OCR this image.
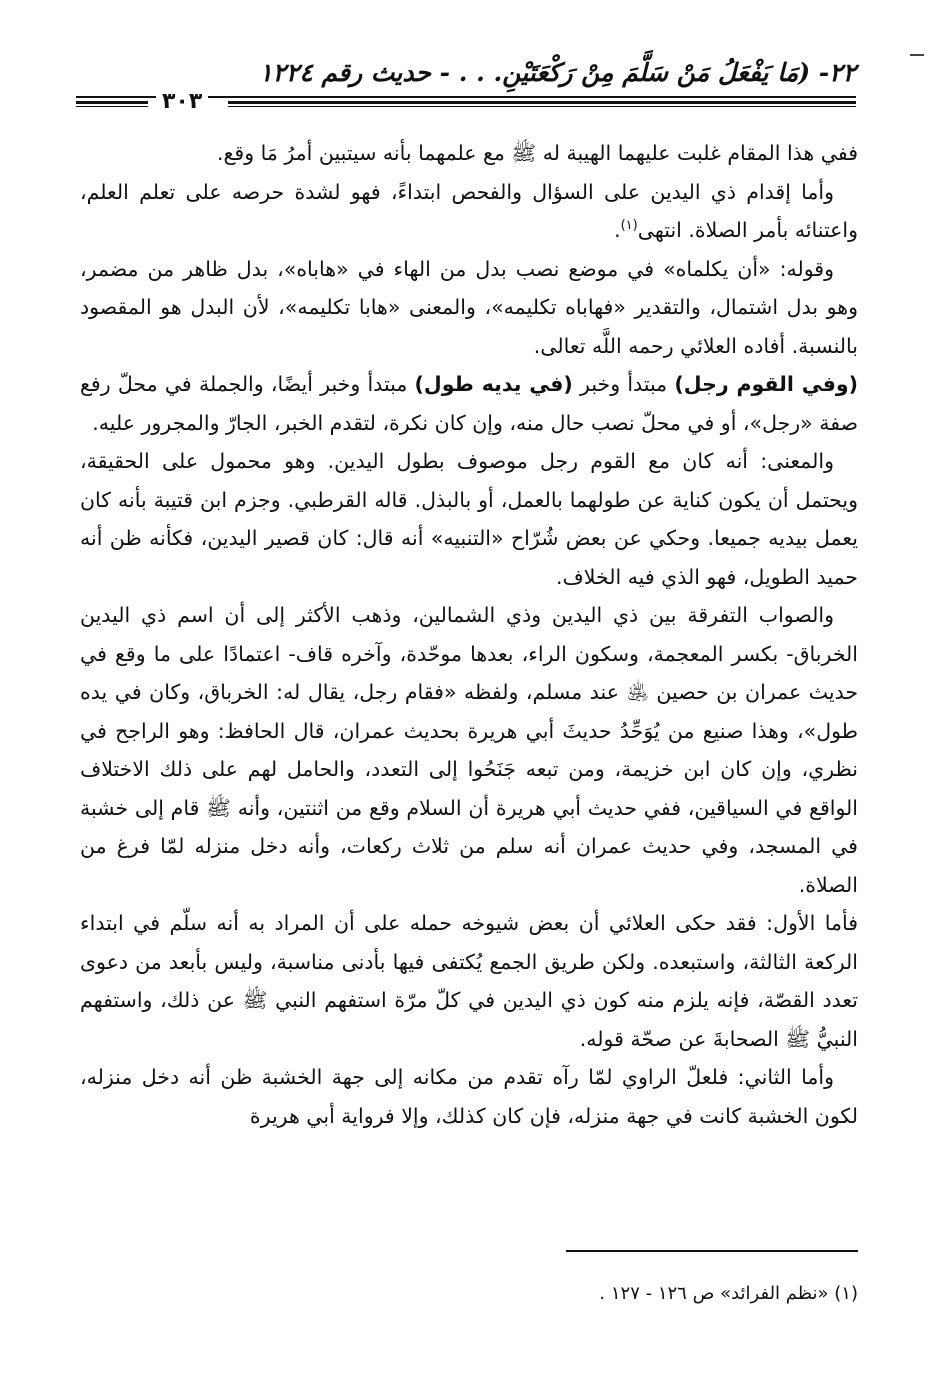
٢٢- (مَا يَفْعَلُ مَنْ سَلَّمَ مِنْ رَكْعَتَيْنِ. . . - حديث رقم ١٢٢٤
٣٠٣

ففي هذا المقام غلبت عليهما الهيبة له ﷺ مع علمهما بأنه سيتبين أمرُ مَا وقع.

وأما إقدام ذي اليدين على السؤال والفحص ابتداءً، فهو لشدة حرصه على تعلم العلم، واعتنائه بأمر الصلاة. انتهى$^{(١)}$.

وقوله: «أن يكلماه» في موضع نصب بدل من الهاء في «هاباه»، بدل ظاهر من مضمر، وهو بدل اشتمال، والتقدير «فهاباه تكليمه»، والمعنى «هابا تكليمه»، لأن البدل هو المقصود بالنسبة. أفاده العلائي رحمه اللَّه تعالى.

(وفي القوم رجل) مبتدأ وخبر (في يديه طول) مبتدأ وخبر أيضًا، والجملة في محلّ رفع صفة «رجل»، أو في محلّ نصب حال منه، وإن كان نكرة، لتقدم الخبر، الجارّ والمجرور عليه.

والمعنى: أنه كان مع القوم رجل موصوف بطول اليدين. وهو محمول على الحقيقة، ويحتمل أن يكون كناية عن طولهما بالعمل، أو بالبذل. قاله القرطبي. وجزم ابن قتيبة بأنه كان يعمل بيديه جميعا. وحكي عن بعض شُرّاح «التنبيه» أنه قال: كان قصير اليدين، فكأنه ظن أنه حميد الطويل، فهو الذي فيه الخلاف.

والصواب التفرقة بين ذي اليدين وذي الشمالين، وذهب الأكثر إلى أن اسم ذي اليدين الخرباق- بكسر المعجمة، وسكون الراء، بعدها موحّدة، وآخره قاف- اعتمادًا على ما وقع في حديث عمران بن حصين ﵁ عند مسلم، ولفظه «فقام رجل، يقال له: الخرباق، وكان في يده طول»، وهذا صنيع من يُوَحِّدُ حديثَ أبي هريرة بحديث عمران، قال الحافظ: وهو الراجح في نظري، وإن كان ابن خزيمة، ومن تبعه جَنَحُوا إلى التعدد، والحامل لهم على ذلك الاختلاف الواقع في السياقين، ففي حديث أبي هريرة أن السلام وقع من اثنتين، وأنه ﷺ قام إلى خشبة في المسجد، وفي حديث عمران أنه سلم من ثلاث ركعات، وأنه دخل منزله لمّا فرغ من الصلاة.

فأما الأول: فقد حكى العلائي أن بعض شيوخه حمله على أن المراد به أنه سلّم في ابتداء الركعة الثالثة، واستبعده. ولكن طريق الجمع يُكتفى فيها بأدنى مناسبة، وليس بأبعد من دعوى تعدد القصّة، فإنه يلزم منه كون ذي اليدين في كلّ مرّة استفهم النبي ﷺ عن ذلك، واستفهم النبيُّ ﷺ الصحابةَ عن صحّة قوله.

وأما الثاني: فلعلّ الراوي لمّا رآه تقدم من مكانه إلى جهة الخشبة ظن أنه دخل منزله، لكون الخشبة كانت في جهة منزله، فإن كان كذلك، وإلا فرواية أبي هريرة

(١) «نظم الفرائد» ص ١٢٦ - ١٢٧ .
